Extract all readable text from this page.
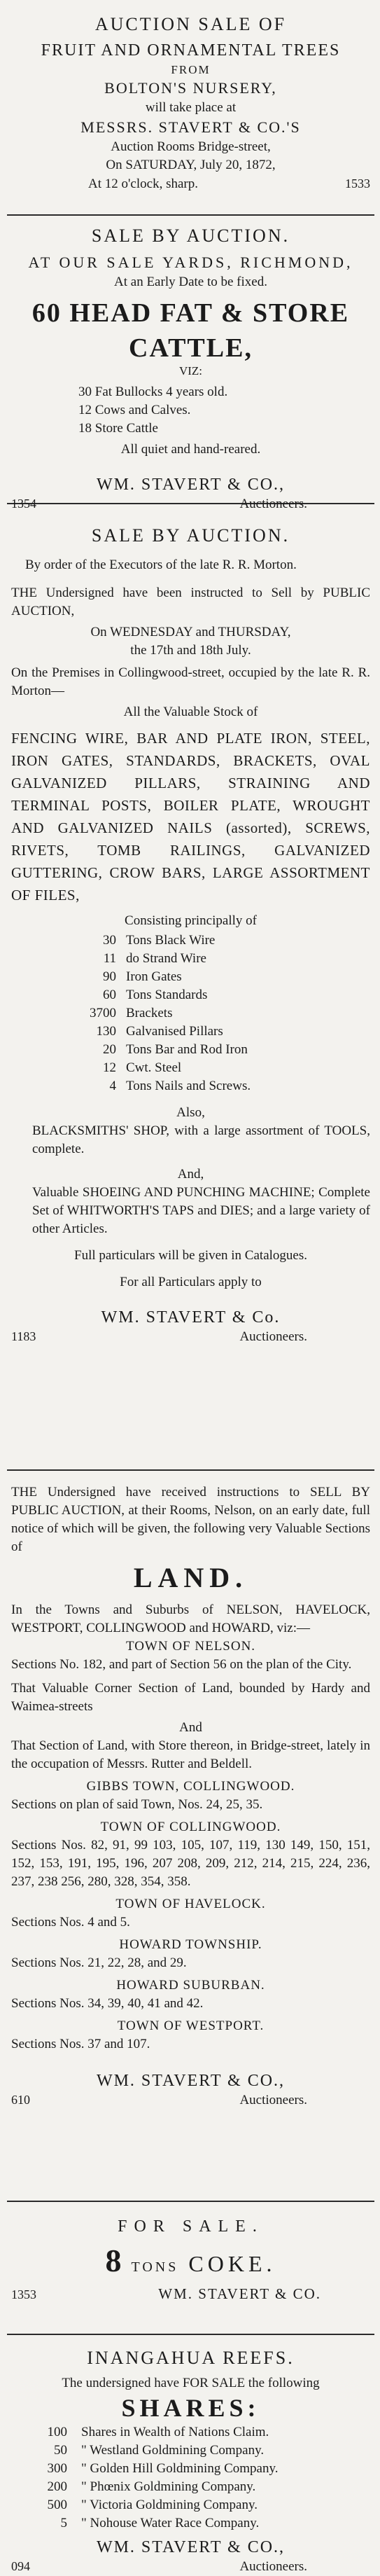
AUCTION SALE OF
FRUIT AND ORNAMENTAL TREES
FROM
BOLTON'S NURSERY,
will take place at
MESSRS. STAVERT & CO.'S
Auction Rooms Bridge-street,
On SATURDAY, July 20, 1872,
At 12 o'clock, sharp.	1533
SALE BY AUCTION.
AT OUR SALE YARDS, RICHMOND,
At an Early Date to be fixed.
60 HEAD FAT & STORE CATTLE,
VIZ:
30 Fat Bullocks 4 years old.
12 Cows and Calves.
18 Store Cattle
All quiet and hand-reared.
WM. STAVERT & CO.,
1354	Auctioneers.
SALE BY AUCTION.
By order of the Executors of the late R. R. Morton.
THE Undersigned have been instructed to Sell by PUBLIC AUCTION,
On WEDNESDAY and THURSDAY,
the 17th and 18th July.
On the Premises in Collingwood-street, occupied by the late R. R. Morton—
All the Valuable Stock of
FENCING WIRE, BAR AND PLATE IRON, STEEL, IRON GATES, STANDARDS, BRACKETS, OVAL GALVANIZED PILLARS, STRAINING AND TERMINAL POSTS, BOILER PLATE, WROUGHT AND GALVANIZED NAILS (assorted), SCREWS, RIVETS, TOMB RAILINGS, GALVANIZED GUTTERING, CROW BARS, LARGE ASSORTMENT OF FILES,
Consisting principally of
30 Tons Black Wire
11 do Strand Wire
90 Iron Gates
60 Tons Standards
3700 Brackets
130 Galvanised Pillars
20 Tons Bar and Rod Iron
12 Cwt. Steel
4 Tons Nails and Screws.
Also,
BLACKSMITHS' SHOP, with a large assortment of TOOLS, complete.
And,
Valuable SHOEING AND PUNCHING MACHINE; Complete Set of WHITWORTH'S TAPS and DIES; and a large variety of other Articles.
Full particulars will be given in Catalogues.
For all Particulars apply to
WM. STAVERT & Co.
1183	Auctioneers.
THE Undersigned have received instructions to SELL BY PUBLIC AUCTION, at their Rooms, Nelson, on an early date, full notice of which will be given, the following very Valuable Sections of
LAND.
In the Towns and Suburbs of NELSON, HAVELOCK, WESTPORT, COLLINGWOOD and HOWARD, viz:—
TOWN OF NELSON.
Sections No. 182, and part of Section 56 on the plan of the City.
That Valuable Corner Section of Land, bounded by Hardy and Waimea-streets
And
That Section of Land, with Store thereon, in Bridge-street, lately in the occupation of Messrs. Rutter and Beldell.
GIBBS TOWN, COLLINGWOOD.
Sections on plan of said Town, Nos. 24, 25, 35.
TOWN OF COLLINGWOOD.
Sections Nos. 82, 91, 99 103, 105, 107, 119, 130 149, 150, 151, 152, 153, 191, 195, 196, 207 208, 209, 212, 214, 215, 224, 236, 237, 238 256, 280, 328, 354, 358.
TOWN OF HAVELOCK.
Sections Nos. 4 and 5.
HOWARD TOWNSHIP.
Sections Nos. 21, 22, 28, and 29.
HOWARD SUBURBAN.
Sections Nos. 34, 39, 40, 41 and 42.
TOWN OF WESTPORT.
Sections Nos. 37 and 107.
WM. STAVERT & CO.,
610	Auctioneers.
FOR SALE.
8 TONS COKE.
1353	WM. STAVERT & CO.
INANGAHUA REEFS.
The undersigned have FOR SALE the following
SHARES:
100 Shares in Wealth of Nations Claim.
50 " Westland Goldmining Company.
300 " Golden Hill Goldmining Company.
200 " Phœnix Goldmining Company.
500 " Victoria Goldmining Company.
5 " Nohouse Water Race Company.
WM. STAVERT & CO.,
094	Auctioneers.
